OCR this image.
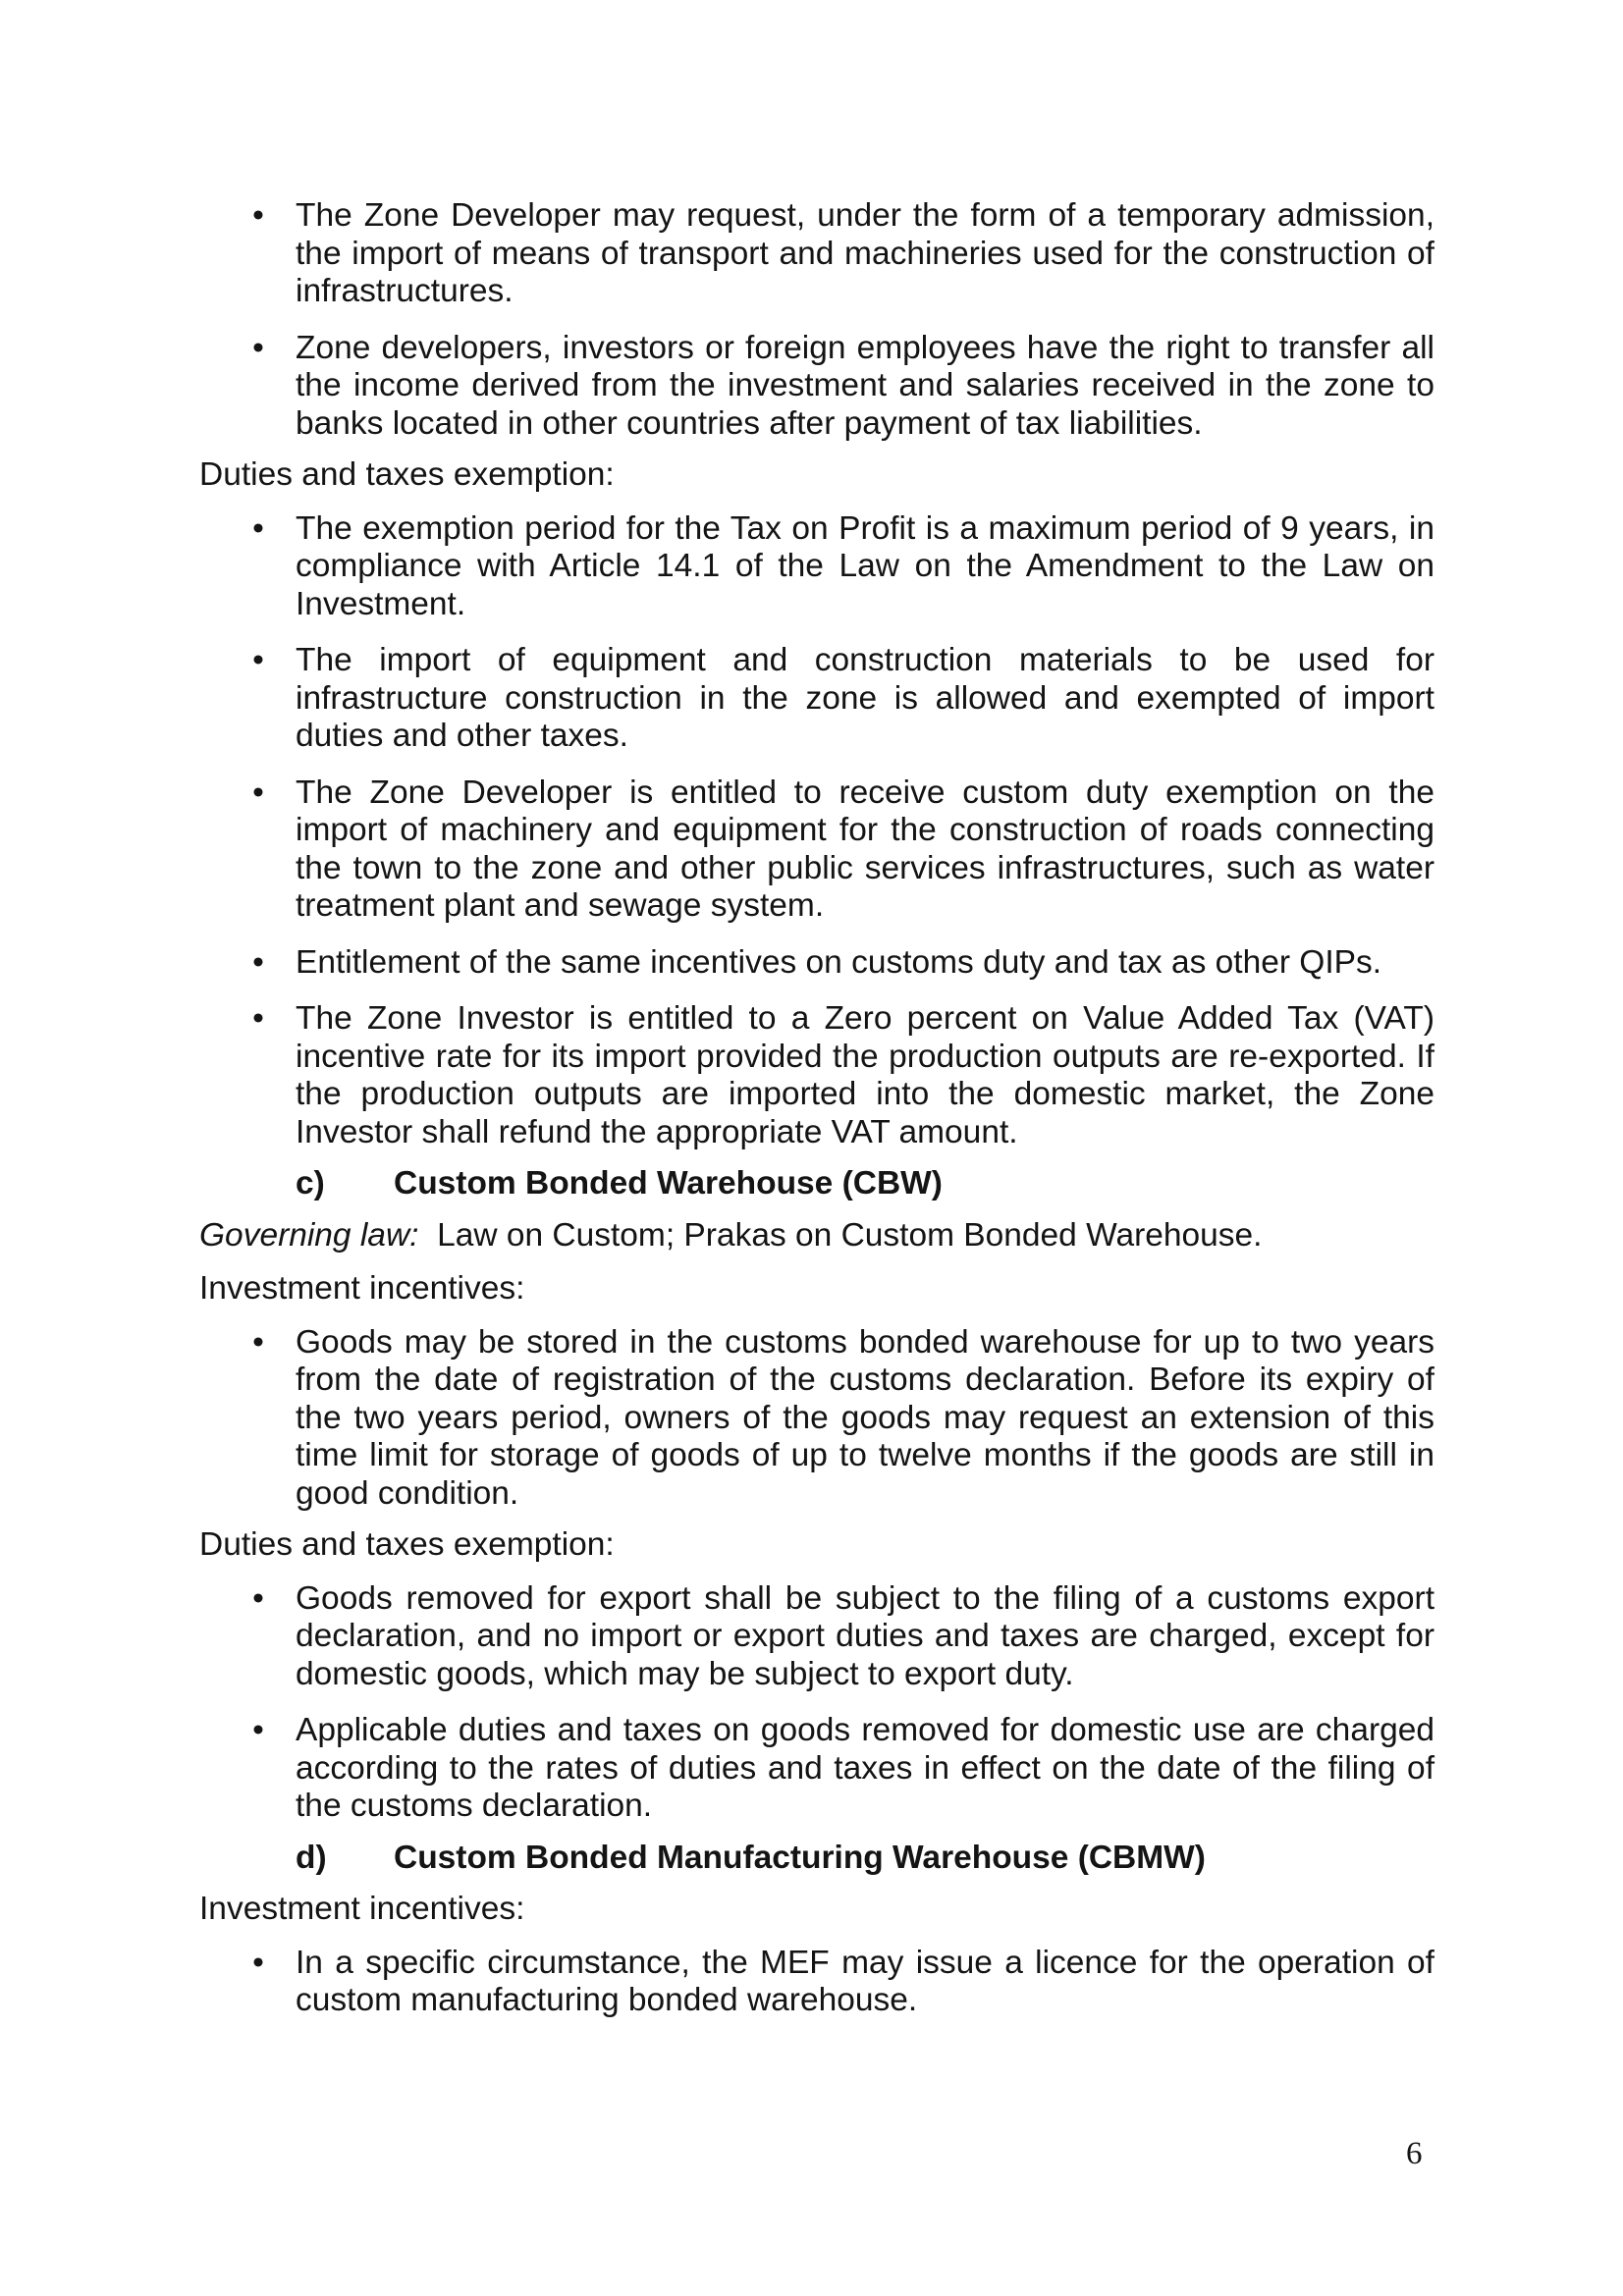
• The Zone Developer may request, under the form of a temporary admission, the import of means of transport and machineries used for the construction of infrastructures.
• Zone developers, investors or foreign employees have the right to transfer all the income derived from the investment and salaries received in the zone to banks located in other countries after payment of tax liabilities.

Duties and taxes exemption:

• The exemption period for the Tax on Profit is a maximum period of 9 years, in compliance with Article 14.1 of the Law on the Amendment to the Law on Investment.
• The import of equipment and construction materials to be used for infrastructure construction in the zone is allowed and exempted of import duties and other taxes.
• The Zone Developer is entitled to receive custom duty exemption on the import of machinery and equipment for the construction of roads connecting the town to the zone and other public services infrastructures, such as water treatment plant and sewage system.
• Entitlement of the same incentives on customs duty and tax as other QIPs.
• The Zone Investor is entitled to a Zero percent on Value Added Tax (VAT) incentive rate for its import provided the production outputs are re-exported. If the production outputs are imported into the domestic market, the Zone Investor shall refund the appropriate VAT amount.
c)	Custom Bonded Warehouse (CBW)

Governing law:  Law on Custom; Prakas on Custom Bonded Warehouse.

Investment incentives:

• Goods may be stored in the customs bonded warehouse for up to two years from the date of registration of the customs declaration. Before its expiry of the two years period, owners of the goods may request an extension of this time limit for storage of goods of up to twelve months if the goods are still in good condition.

Duties and taxes exemption:

• Goods removed for export shall be subject to the filing of a customs export declaration, and no import or export duties and taxes are charged, except for domestic goods, which may be subject to export duty.
• Applicable duties and taxes on goods removed for domestic use are charged according to the rates of duties and taxes in effect on the date of the filing of the customs declaration.
d)	Custom Bonded Manufacturing Warehouse (CBMW)

Investment incentives:

• In a specific circumstance, the MEF may issue a licence for the operation of custom manufacturing bonded warehouse.
6
